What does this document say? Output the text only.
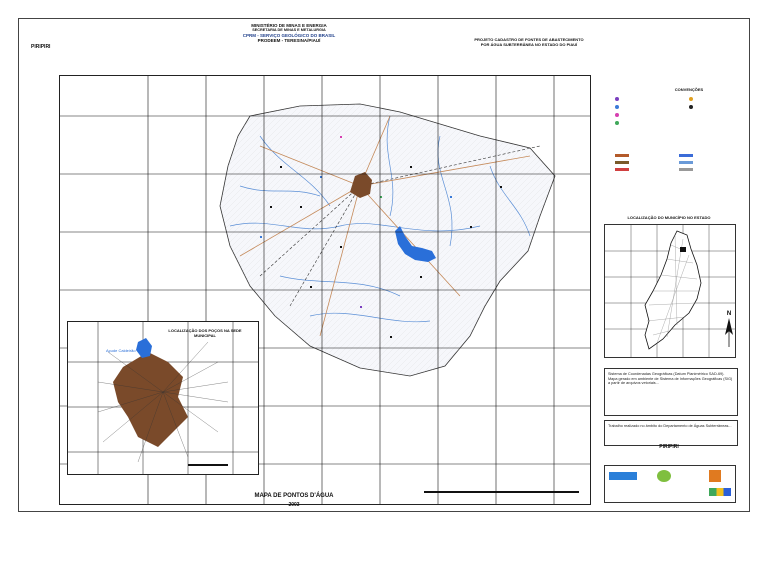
MINISTÉRIO DE MINAS E ENERGIA
SECRETARIA DE MINAS E METALURGIA
CPRM - SERVIÇO GEOLÓGICO DO BRASIL
PRODEEM - TERESINA/PIAUÍ	PROJETO CADASTRO DE FONTES DE ABASTECIMENTO
POR ÁGUA SUBTERRÂNEA NO ESTADO DO PIAUÍ
PIRIPIRI
LOCALIZAÇÃO DOS POÇOS NA SEDE MUNICIPAL
Açude Caldeirão
CONVENÇÕES
LOCALIZAÇÃO DO MUNICÍPIO NO ESTADO
N
Sistema de Coordenadas Geográficas (Datum Planimétrico SAD-69). Mapa gerado em ambiente de Sistema de Informações Geográficas (SIG) a partir de arquivos vetoriais...
Trabalho realizado no âmbito do Departamento de Águas Subterrâneas...
PIRIPIRI
MAPA DE PONTOS D'ÁGUA
2003
